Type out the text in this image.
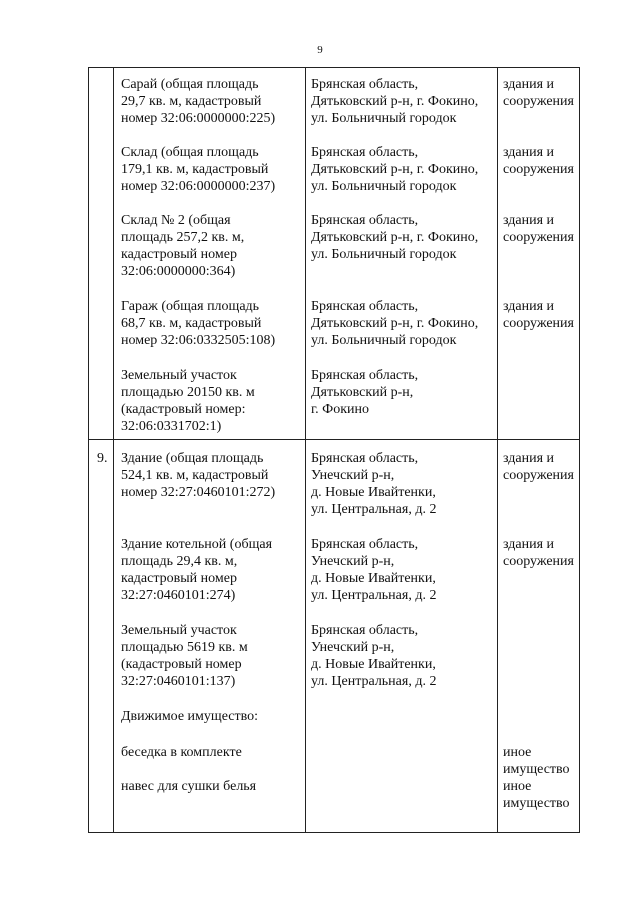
9
Сарай (общая площадь
29,7 кв. м, кадастровый
номер 32:06:0000000:225)
Брянская область,
Дятьковский р-н, г. Фокино,
ул. Больничный городок
здания и
сооружения
Склад (общая площадь
179,1 кв. м, кадастровый
номер 32:06:0000000:237)
Брянская область,
Дятьковский р-н, г. Фокино,
ул. Больничный городок
здания и
сооружения
Склад № 2 (общая
площадь 257,2 кв. м,
кадастровый номер
32:06:0000000:364)
Брянская область,
Дятьковский р-н, г. Фокино,
ул. Больничный городок
здания и
сооружения
Гараж (общая площадь
68,7 кв. м, кадастровый
номер 32:06:0332505:108)
Брянская область,
Дятьковский р-н, г. Фокино,
ул. Больничный городок
здания и
сооружения
Земельный участок
площадью 20150 кв. м
(кадастровый номер:
32:06:0331702:1)
Брянская область,
Дятьковский р-н,
г. Фокино
9. Здание (общая площадь
524,1 кв. м, кадастровый
номер 32:27:0460101:272)
Брянская область,
Унечский р-н,
д. Новые Ивайтенки,
ул. Центральная, д. 2
здания и
сооружения
Здание котельной (общая
площадь 29,4 кв. м,
кадастровый номер
32:27:0460101:274)
Брянская область,
Унечский р-н,
д. Новые Ивайтенки,
ул. Центральная, д. 2
здания и
сооружения
Земельный участок
площадью 5619 кв. м
(кадастровый номер
32:27:0460101:137)
Брянская область,
Унечский р-н,
д. Новые Ивайтенки,
ул. Центральная, д. 2
Движимое имущество:
беседка в комплекте	иное
имущество
навес для сушки белья	иное
имущество
